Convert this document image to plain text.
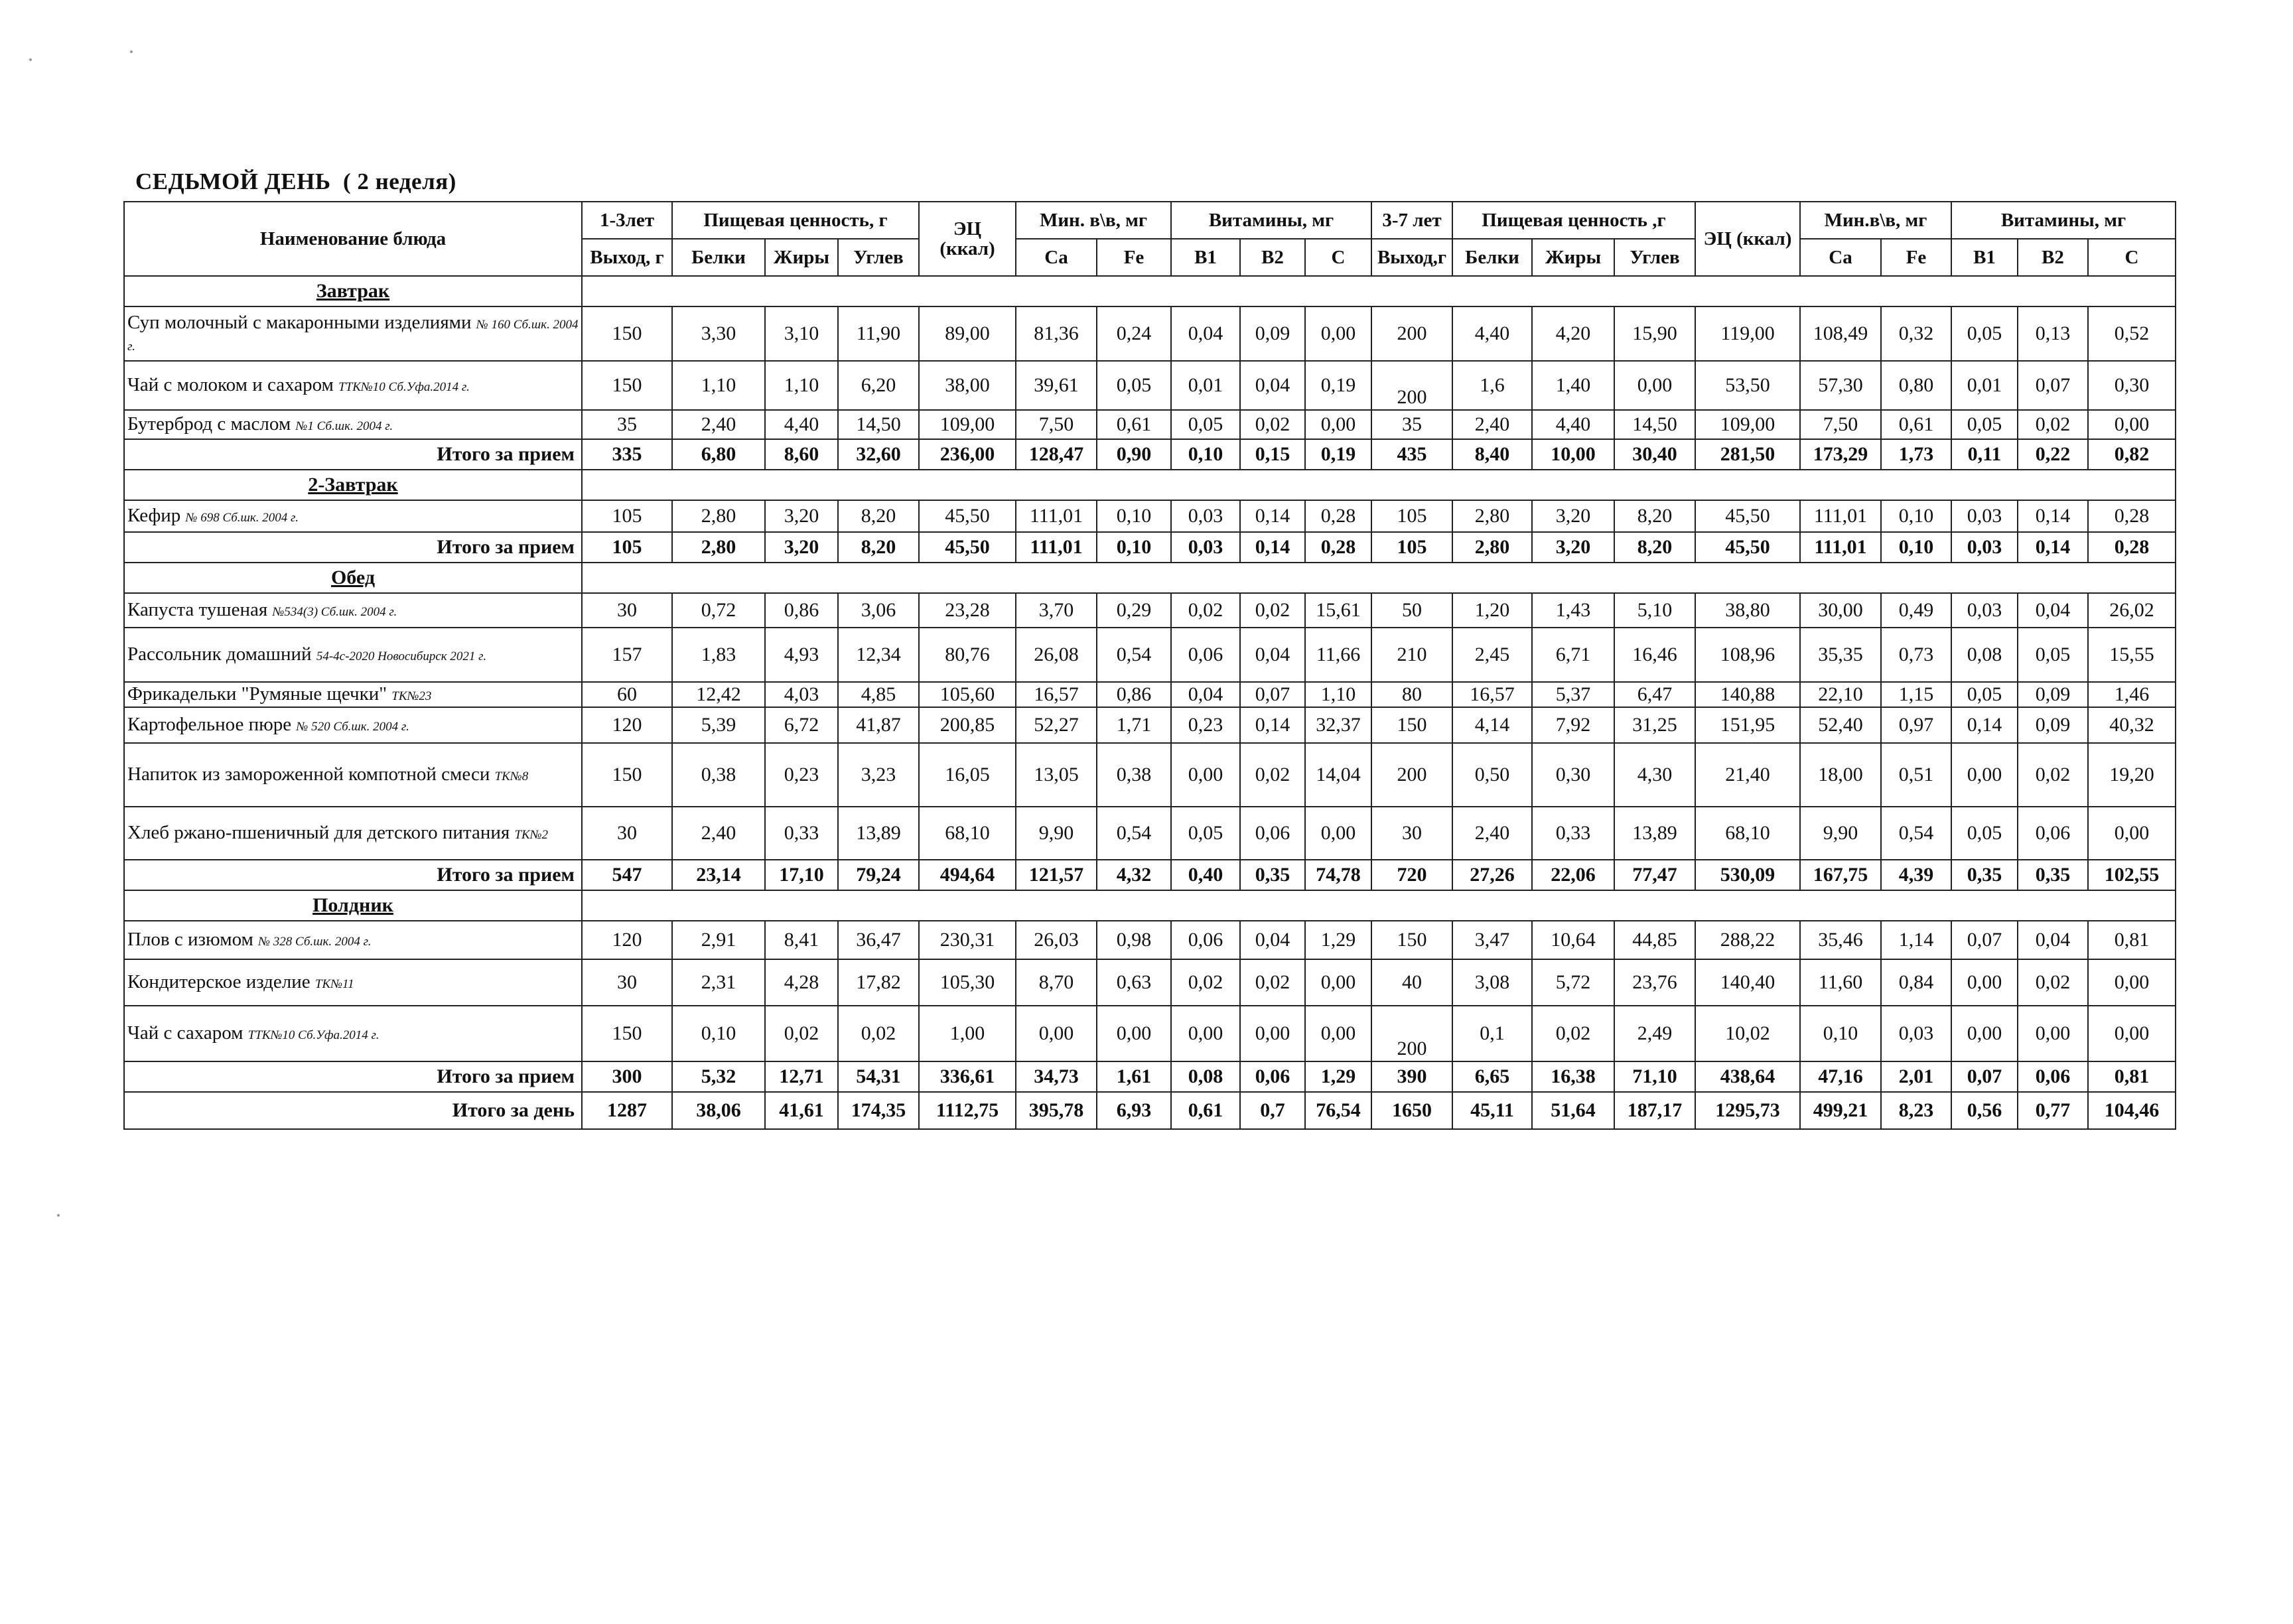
СЕДЬМОЙ ДЕНЬ  ( 2 неделя)
Наименование блюда	1-3лет	Пищевая ценность, г			ЭЦ
(ккал)	Мин. в\в, мг		Витамины, мг			3-7 лет	Пищевая ценность ,г			ЭЦ (ккал)	Мин.в\в, мг		Витамины, мг		
	Выход, г	Белки	Жиры	Углев		Ca	Fe	B1	B2	C	Выход,г	Белки	Жиры	Углев		Ca	Fe	B1	B2	C
Завтрак																				
Суп молочный с макаронными изделиями № 160 Сб.шк. 2004 г.	150	3,30	3,10	11,90	89,00	81,36	0,24	0,04	0,09	0,00	200	4,40	4,20	15,90	119,00	108,49	0,32	0,05	0,13	0,52
Чай с молоком и сахаром ТТК№10 Сб.Уфа.2014 г.	150	1,10	1,10	6,20	38,00	39,61	0,05	0,01	0,04	0,19	200	1,6	1,40	0,00	53,50	57,30	0,80	0,01	0,07	0,30
Бутерброд с маслом №1 Сб.шк. 2004 г.	35	2,40	4,40	14,50	109,00	7,50	0,61	0,05	0,02	0,00	35	2,40	4,40	14,50	109,00	7,50	0,61	0,05	0,02	0,00
Итого за прием	335	6,80	8,60	32,60	236,00	128,47	0,90	0,10	0,15	0,19	435	8,40	10,00	30,40	281,50	173,29	1,73	0,11	0,22	0,82
2-Завтрак																				
Кефир № 698 Сб.шк. 2004 г.	105	2,80	3,20	8,20	45,50	111,01	0,10	0,03	0,14	0,28	105	2,80	3,20	8,20	45,50	111,01	0,10	0,03	0,14	0,28
Итого за прием	105	2,80	3,20	8,20	45,50	111,01	0,10	0,03	0,14	0,28	105	2,80	3,20	8,20	45,50	111,01	0,10	0,03	0,14	0,28
Обед																				
Капуста тушеная №534(3) Сб.шк. 2004 г.	30	0,72	0,86	3,06	23,28	3,70	0,29	0,02	0,02	15,61	50	1,20	1,43	5,10	38,80	30,00	0,49	0,03	0,04	26,02
Рассольник домашний 54-4с-2020 Новосибирск 2021 г.	157	1,83	4,93	12,34	80,76	26,08	0,54	0,06	0,04	11,66	210	2,45	6,71	16,46	108,96	35,35	0,73	0,08	0,05	15,55
Фрикадельки "Румяные щечки" ТК№23	60	12,42	4,03	4,85	105,60	16,57	0,86	0,04	0,07	1,10	80	16,57	5,37	6,47	140,88	22,10	1,15	0,05	0,09	1,46
Картофельное пюре № 520 Сб.шк. 2004 г.	120	5,39	6,72	41,87	200,85	52,27	1,71	0,23	0,14	32,37	150	4,14	7,92	31,25	151,95	52,40	0,97	0,14	0,09	40,32
Напиток из замороженной компотной смеси ТК№8	150	0,38	0,23	3,23	16,05	13,05	0,38	0,00	0,02	14,04	200	0,50	0,30	4,30	21,40	18,00	0,51	0,00	0,02	19,20
Хлеб ржано-пшеничный для детского питания ТК№2	30	2,40	0,33	13,89	68,10	9,90	0,54	0,05	0,06	0,00	30	2,40	0,33	13,89	68,10	9,90	0,54	0,05	0,06	0,00
Итого за прием	547	23,14	17,10	79,24	494,64	121,57	4,32	0,40	0,35	74,78	720	27,26	22,06	77,47	530,09	167,75	4,39	0,35	0,35	102,55
Полдник																				
Плов с изюмом № 328 Сб.шк. 2004 г.	120	2,91	8,41	36,47	230,31	26,03	0,98	0,06	0,04	1,29	150	3,47	10,64	44,85	288,22	35,46	1,14	0,07	0,04	0,81
Кондитерское изделие ТК№11	30	2,31	4,28	17,82	105,30	8,70	0,63	0,02	0,02	0,00	40	3,08	5,72	23,76	140,40	11,60	0,84	0,00	0,02	0,00
Чай с сахаром ТТК№10 Сб.Уфа.2014 г.	150	0,10	0,02	0,02	1,00	0,00	0,00	0,00	0,00	0,00	200	0,1	0,02	2,49	10,02	0,10	0,03	0,00	0,00	0,00
Итого за прием	300	5,32	12,71	54,31	336,61	34,73	1,61	0,08	0,06	1,29	390	6,65	16,38	71,10	438,64	47,16	2,01	0,07	0,06	0,81
Итого за день	1287	38,06	41,61	174,35	1112,75	395,78	6,93	0,61	0,7	76,54	1650	45,11	51,64	187,17	1295,73	499,21	8,23	0,56	0,77	104,46
